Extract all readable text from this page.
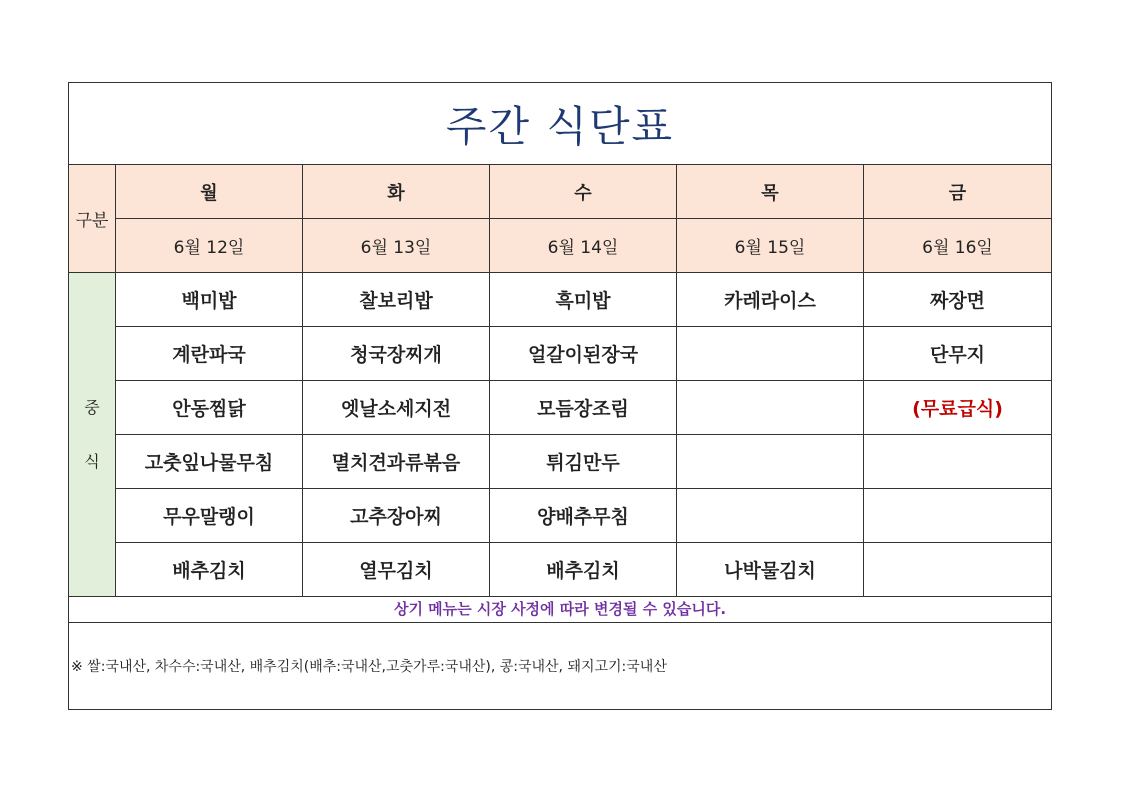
주간 식단표
구분	월	화	수	목	금
	6월 12일	6월 13일	6월 14일	6월 15일	6월 16일
중
식	백미밥	찰보리밥	흑미밥	카레라이스	짜장면
	계란파국	청국장찌개	얼갈이된장국		단무지
	안동찜닭	엣날소세지전	모듬장조림		(무료급식)
	고춧잎나물무침	멸치견과류볶음	튀김만두		
	무우말랭이	고추장아찌	양배추무침		
	배추김치	열무김치	배추김치	나박물김치	
상기 메뉴는 시장 사정에 따라 변경될 수 있습니다.
※ 쌀:국내산, 차수수:국내산, 배추김치(배추:국내산,고춧가루:국내산), 콩:국내산, 돼지고기:국내산
